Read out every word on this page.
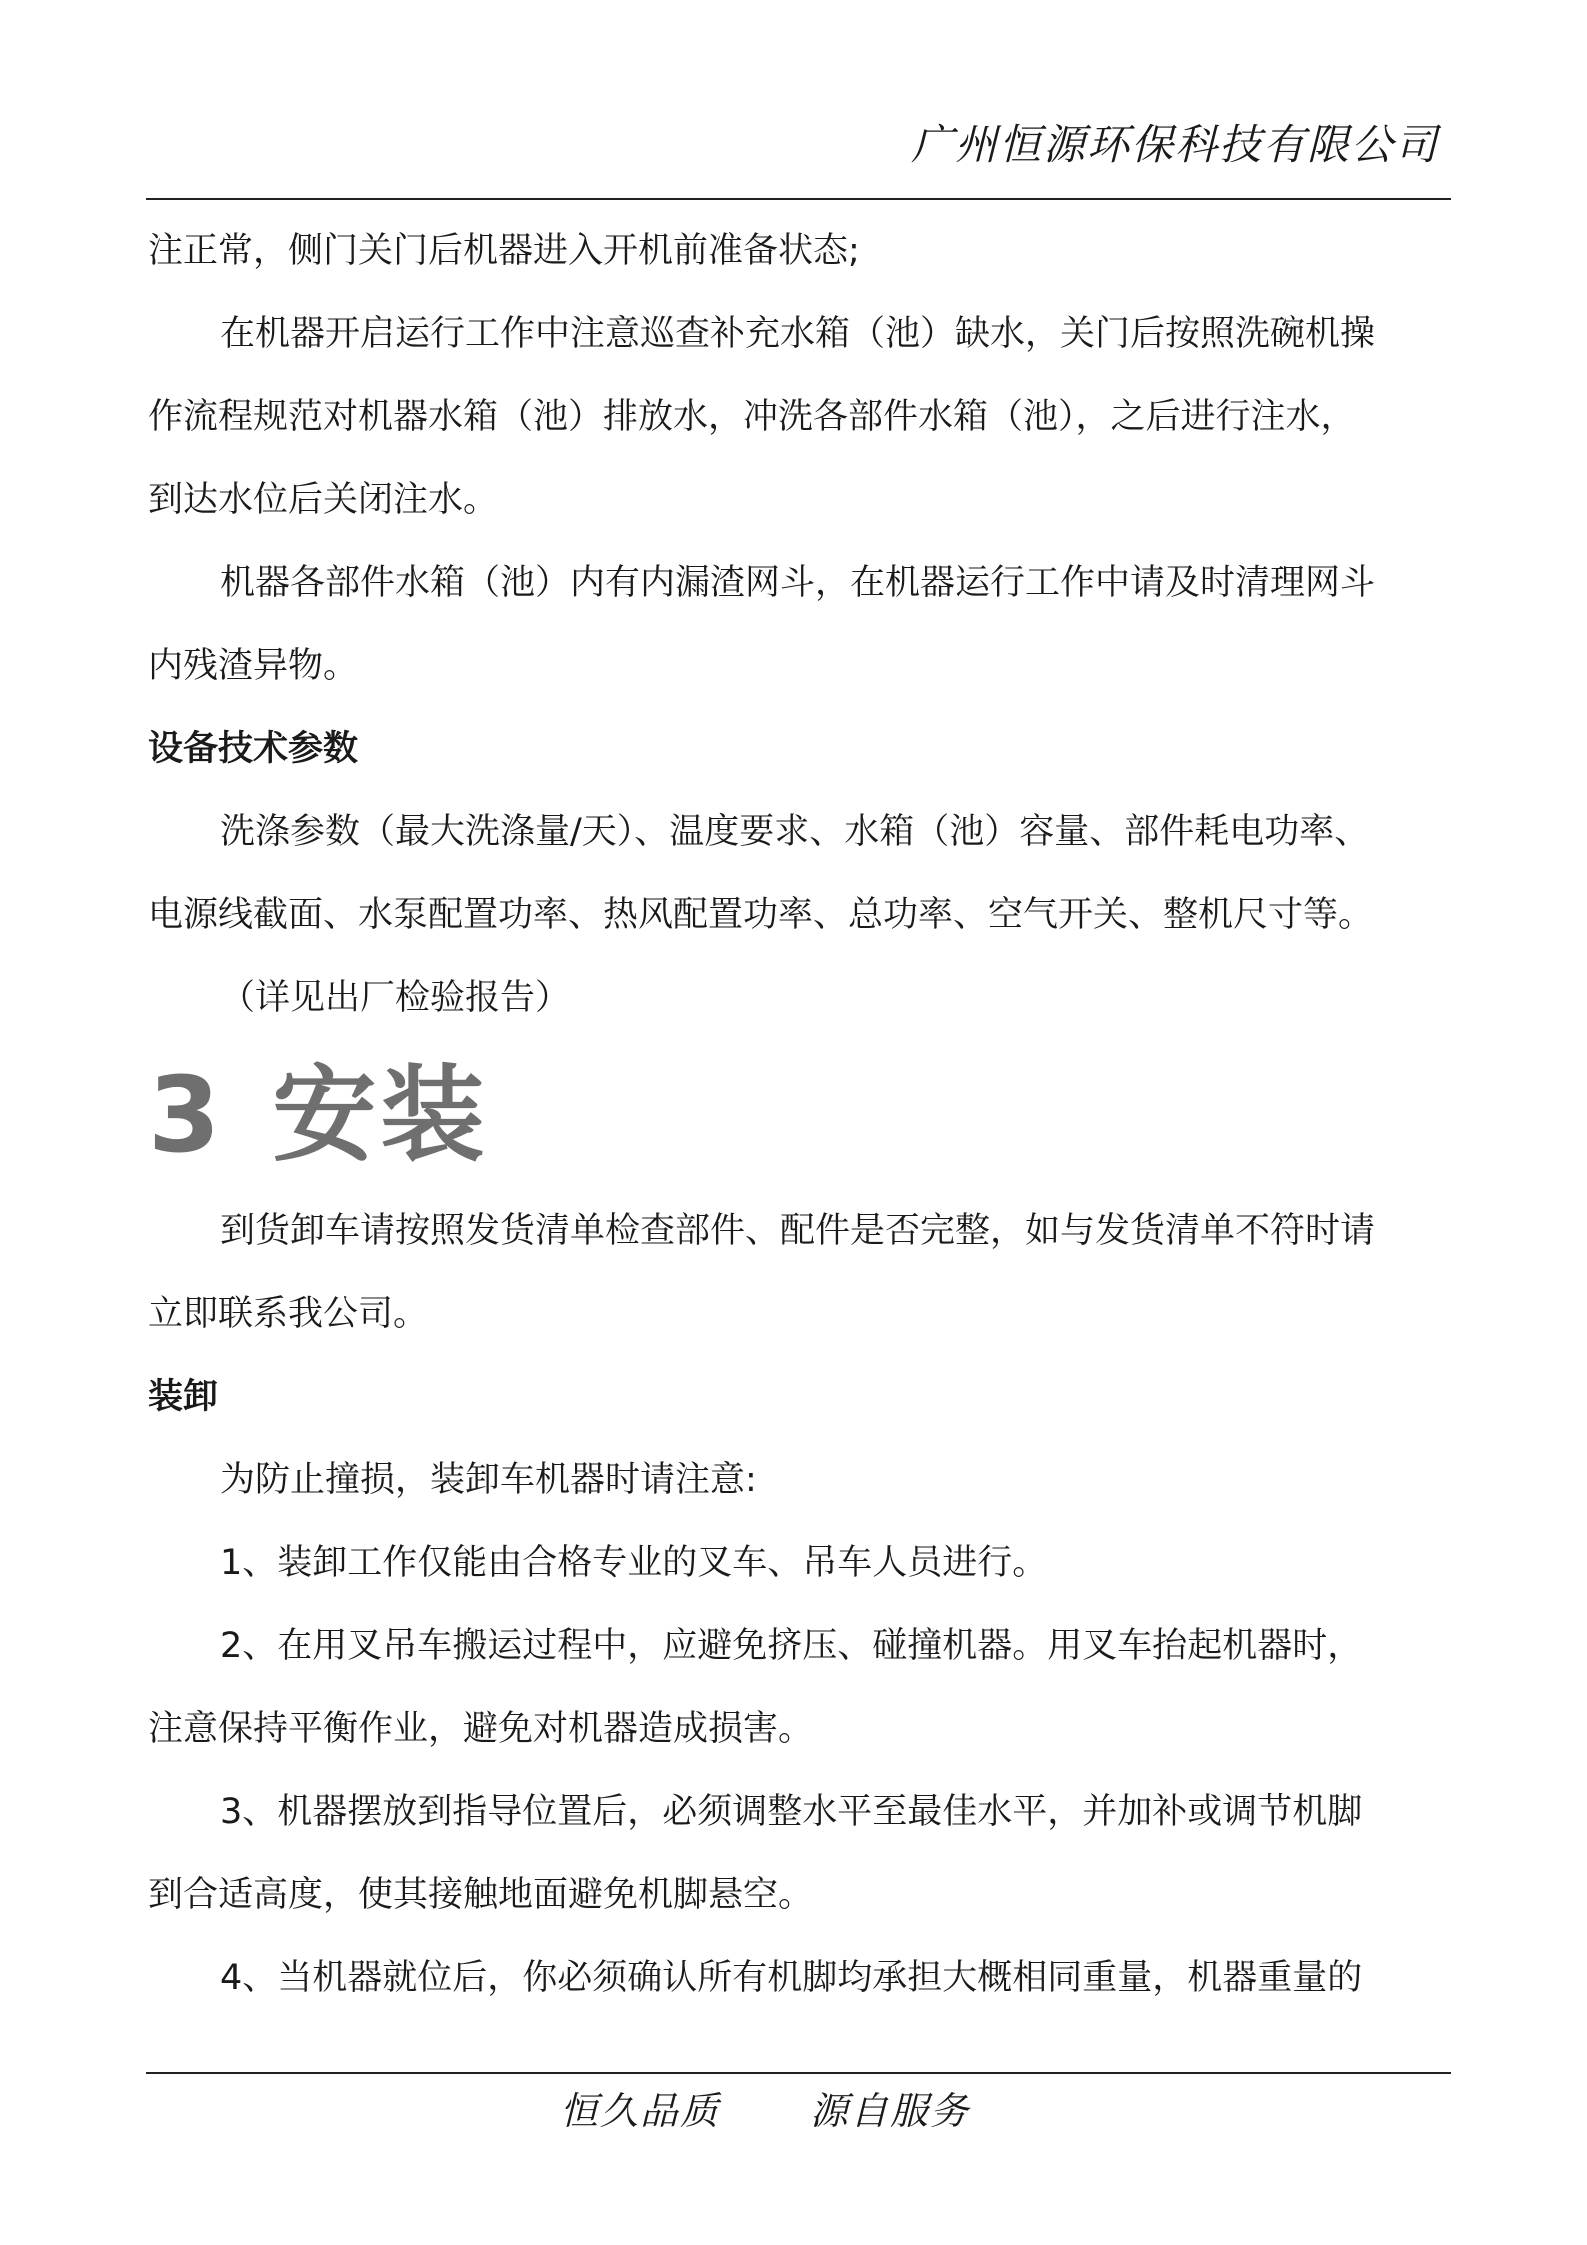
广州恒源环保科技有限公司

注正常，侧门关门后机器进入开机前准备状态;

在机器开启运行工作中注意巡查补充水箱（池）缺水，关门后按照洗碗机操

作流程规范对机器水箱（池）排放水，冲洗各部件水箱（池），之后进行注水，

到达水位后关闭注水。

机器各部件水箱（池）内有内漏渣网斗，在机器运行工作中请及时清理网斗

内残渣异物。

设备技术参数

洗涤参数（最大洗涤量/天）、温度要求、水箱（池）容量、部件耗电功率、

电源线截面、水泵配置功率、热风配置功率、总功率、空气开关、整机尺寸等。

（详见出厂检验报告）

3 安装

到货卸车请按照发货清单检查部件、配件是否完整，如与发货清单不符时请

立即联系我公司。

装卸

为防止撞损，装卸车机器时请注意:

1、装卸工作仅能由合格专业的叉车、吊车人员进行。

2、在用叉吊车搬运过程中，应避免挤压、碰撞机器。用叉车抬起机器时，

注意保持平衡作业，避免对机器造成损害。

3、机器摆放到指导位置后，必须调整水平至最佳水平，并加补或调节机脚

到合适高度，使其接触地面避免机脚悬空。

4、当机器就位后，你必须确认所有机脚均承担大概相同重量，机器重量的

恒久品质 源自服务
